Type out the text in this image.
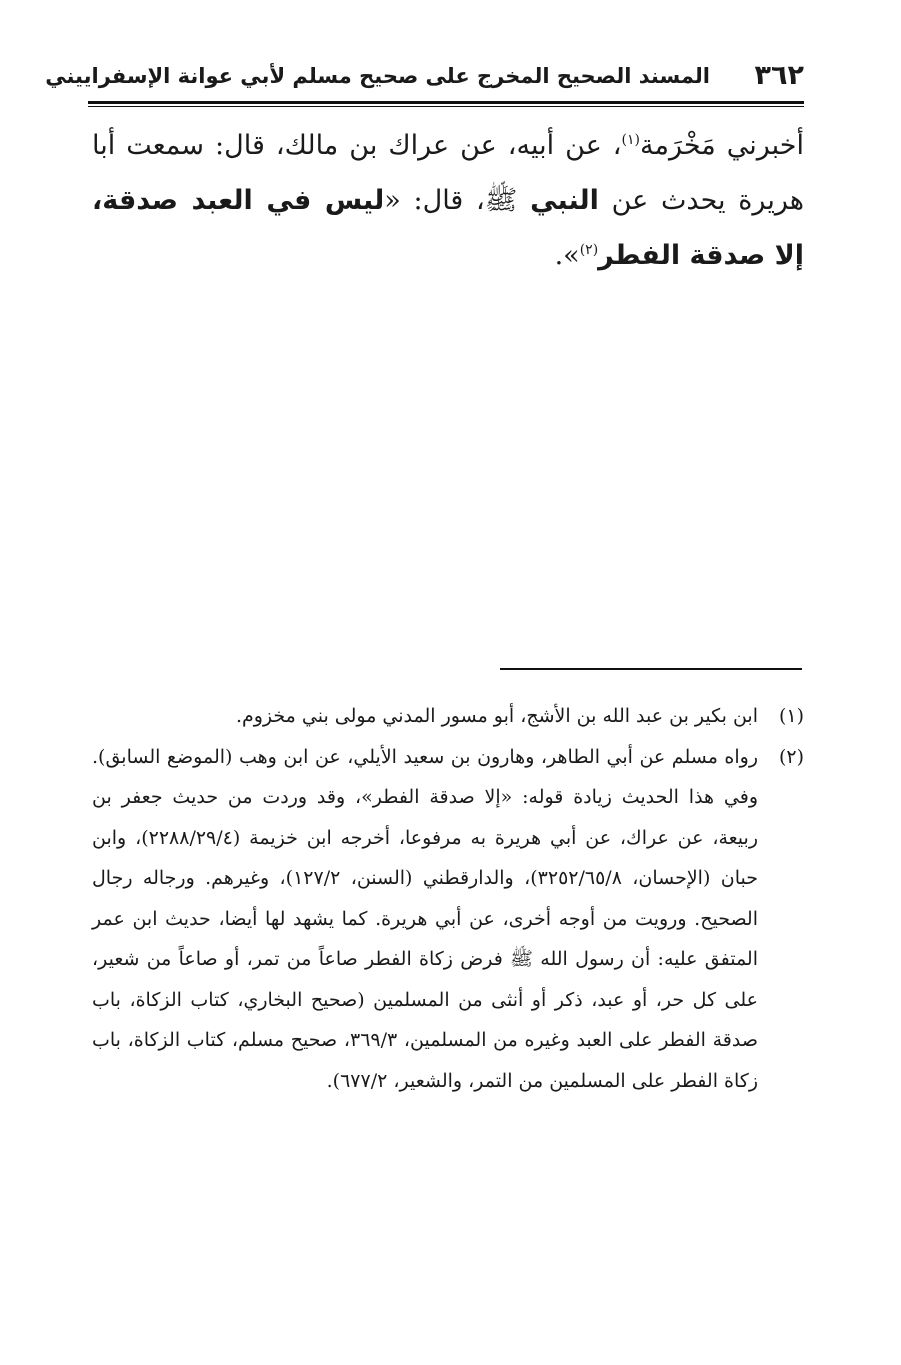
٣٦٢
المسند الصحيح المخرج على صحيح مسلم لأبي عوانة الإسفراييني

أخبرني مَخْرَمة$^{(١)}$، عن أبيه، عن عراك بن مالك، قال: سمعت أبا هريرة يحدث عن النبي ﷺ، قال: «ليس في العبد صدقة، إلا صدقة الفطر$^{(٢)}$».

(١)
ابن بكير بن عبد الله بن الأشج، أبو مسور المدني مولى بني مخزوم.

(٢)
رواه مسلم عن أبي الطاهر، وهارون بن سعيد الأيلي، عن ابن وهب (الموضع السابق). وفي هذا الحديث زيادة قوله: «إلا صدقة الفطر»، وقد وردت من حديث جعفر بن ربيعة، عن عراك، عن أبي هريرة به مرفوعا، أخرجه ابن خزيمة (٢٢٨٨/٢٩/٤)، وابن حبان (الإحسان، ٣٢٥٢/٦٥/٨)، والدارقطني (السنن، ١٢٧/٢)، وغيرهم. ورجاله رجال الصحيح. ورويت من أوجه أخرى، عن أبي هريرة. كما يشهد لها أيضا، حديث ابن عمر المتفق عليه: أن رسول الله ﷺ فرض زكاة الفطر صاعاً من تمر، أو صاعاً من شعير، على كل حر، أو عبد، ذكر أو أنثى من المسلمين (صحيح البخاري، كتاب الزكاة، باب صدقة الفطر على العبد وغيره من المسلمين، ٣٦٩/٣، صحيح مسلم، كتاب الزكاة، باب زكاة الفطر على المسلمين من التمر، والشعير، ٦٧٧/٢).
